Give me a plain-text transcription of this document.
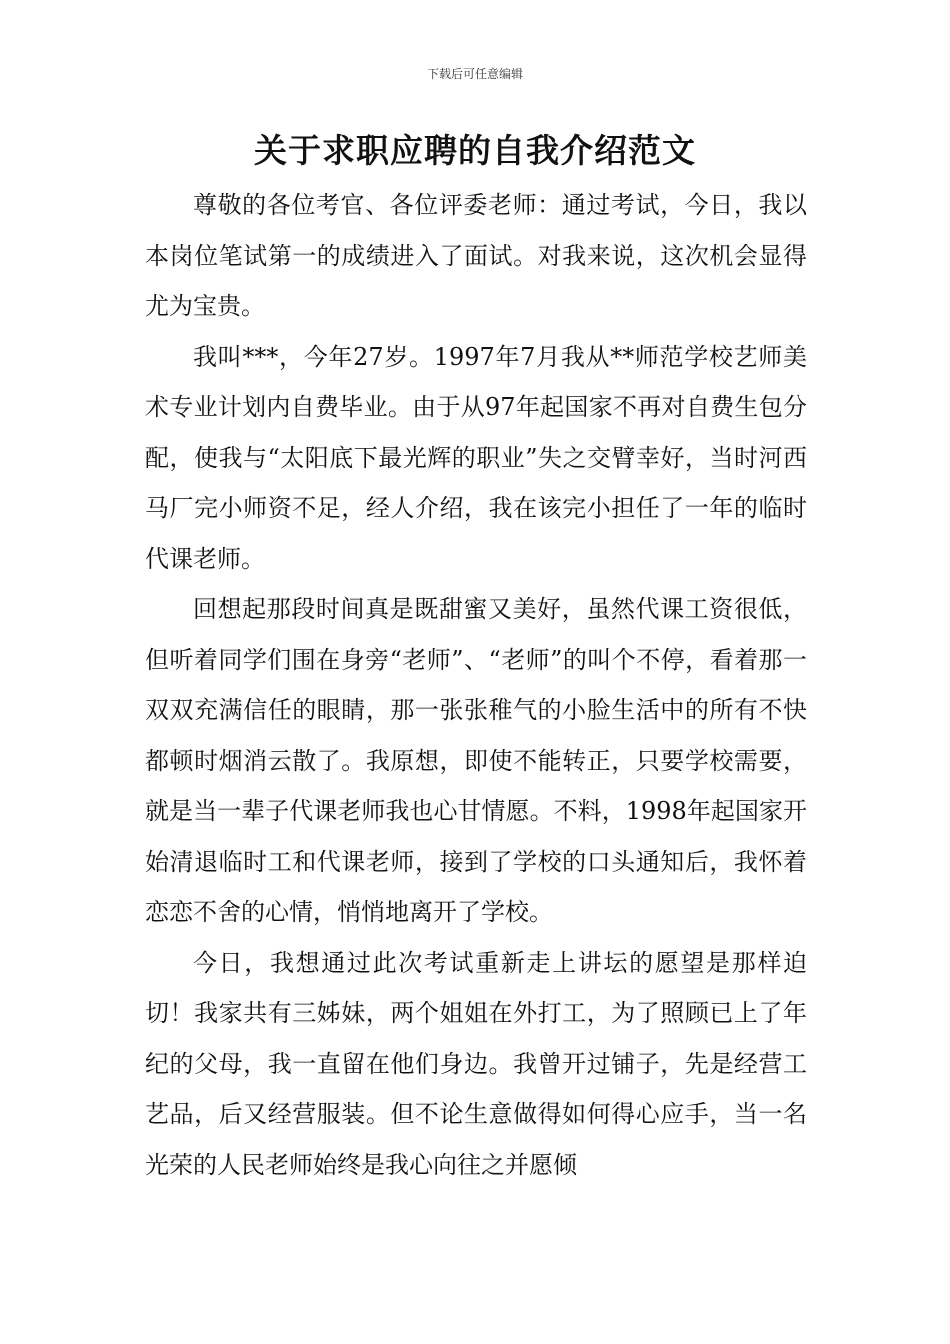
下载后可任意编辑
关于求职应聘的自我介绍范文

尊敬的各位考官、各位评委老师：通过考试，今日，我以本岗位笔试第一的成绩进入了面试。对我来说，这次机会显得尤为宝贵。

我叫***，今年27岁。1997年7月我从**师范学校艺师美术专业计划内自费毕业。由于从97年起国家不再对自费生包分配，使我与“太阳底下最光辉的职业”失之交臂幸好，当时河西马厂完小师资不足，经人介绍，我在该完小担任了一年的临时代课老师。

回想起那段时间真是既甜蜜又美好，虽然代课工资很低，但听着同学们围在身旁“老师”、“老师”的叫个不停，看着那一双双充满信任的眼睛，那一张张稚气的小脸生活中的所有不快都顿时烟消云散了。我原想，即使不能转正，只要学校需要，就是当一辈子代课老师我也心甘情愿。不料，1998年起国家开始清退临时工和代课老师，接到了学校的口头通知后，我怀着恋恋不舍的心情，悄悄地离开了学校。

今日，我想通过此次考试重新走上讲坛的愿望是那样迫切！我家共有三姊妹，两个姐姐在外打工，为了照顾已上了年纪的父母，我一直留在他们身边。我曾开过铺子，先是经营工艺品，后又经营服装。但不论生意做得如何得心应手，当一名光荣的人民老师始终是我心向往之并愿倾
